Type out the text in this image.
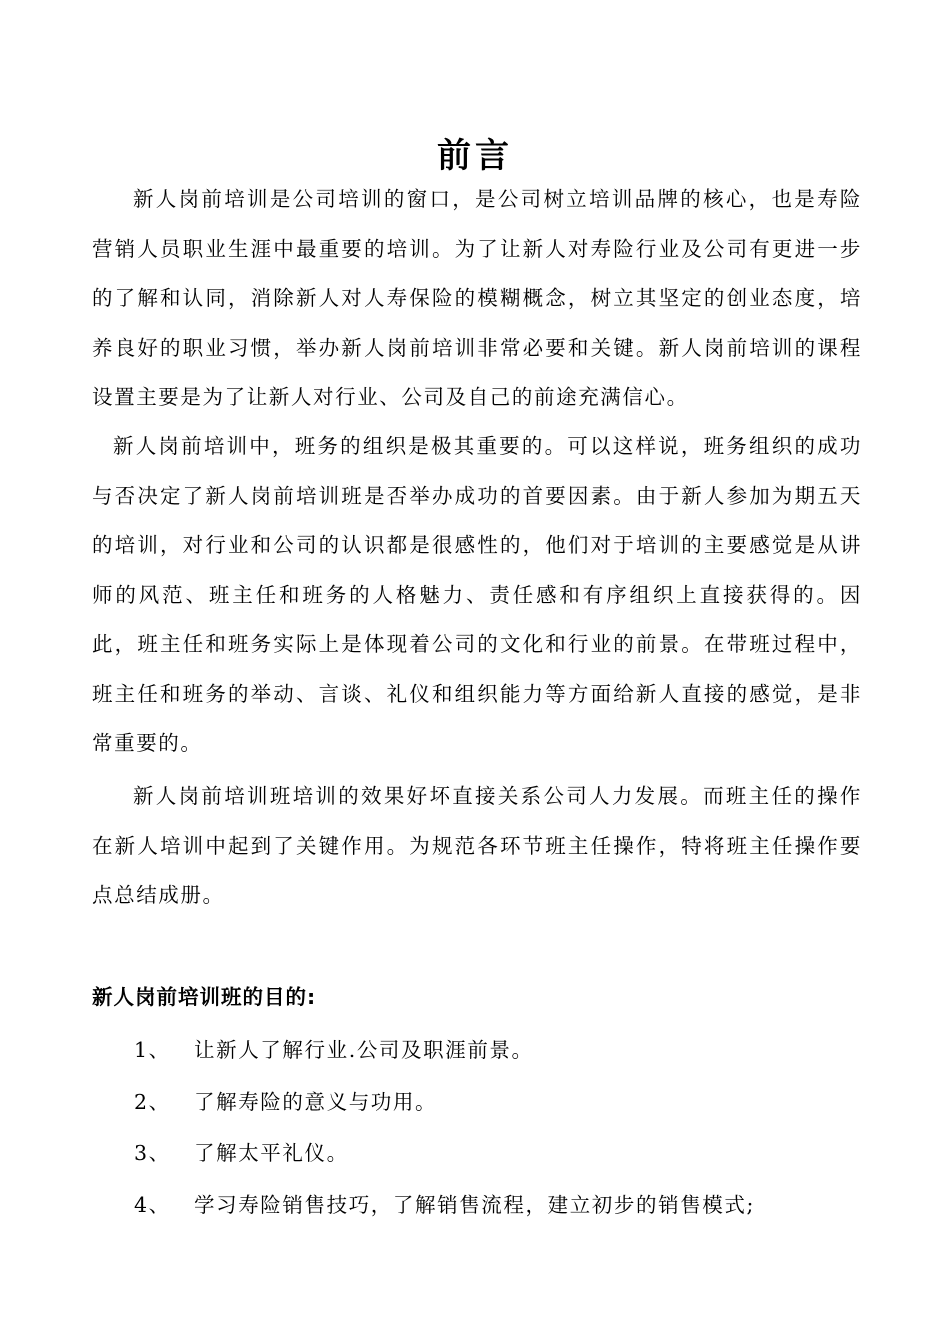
前言

新人岗前培训是公司培训的窗口，是公司树立培训品牌的核心，也是寿险营销人员职业生涯中最重要的培训。为了让新人对寿险行业及公司有更进一步的了解和认同，消除新人对人寿保险的模糊概念，树立其坚定的创业态度，培养良好的职业习惯，举办新人岗前培训非常必要和关键。新人岗前培训的课程设置主要是为了让新人对行业、公司及自己的前途充满信心。

新人岗前培训中，班务的组织是极其重要的。可以这样说，班务组织的成功与否决定了新人岗前培训班是否举办成功的首要因素。由于新人参加为期五天的培训，对行业和公司的认识都是很感性的，他们对于培训的主要感觉是从讲师的风范、班主任和班务的人格魅力、责任感和有序组织上直接获得的。因此，班主任和班务实际上是体现着公司的文化和行业的前景。在带班过程中，班主任和班务的举动、言谈、礼仪和组织能力等方面给新人直接的感觉，是非常重要的。

新人岗前培训班培训的效果好坏直接关系公司人力发展。而班主任的操作在新人培训中起到了关键作用。为规范各环节班主任操作，特将班主任操作要点总结成册。

新人岗前培训班的目的:
1、 让新人了解行业.公司及职涯前景。
2、 了解寿险的意义与功用。
3、 了解太平礼仪。
4、 学习寿险销售技巧，了解销售流程，建立初步的销售模式;
